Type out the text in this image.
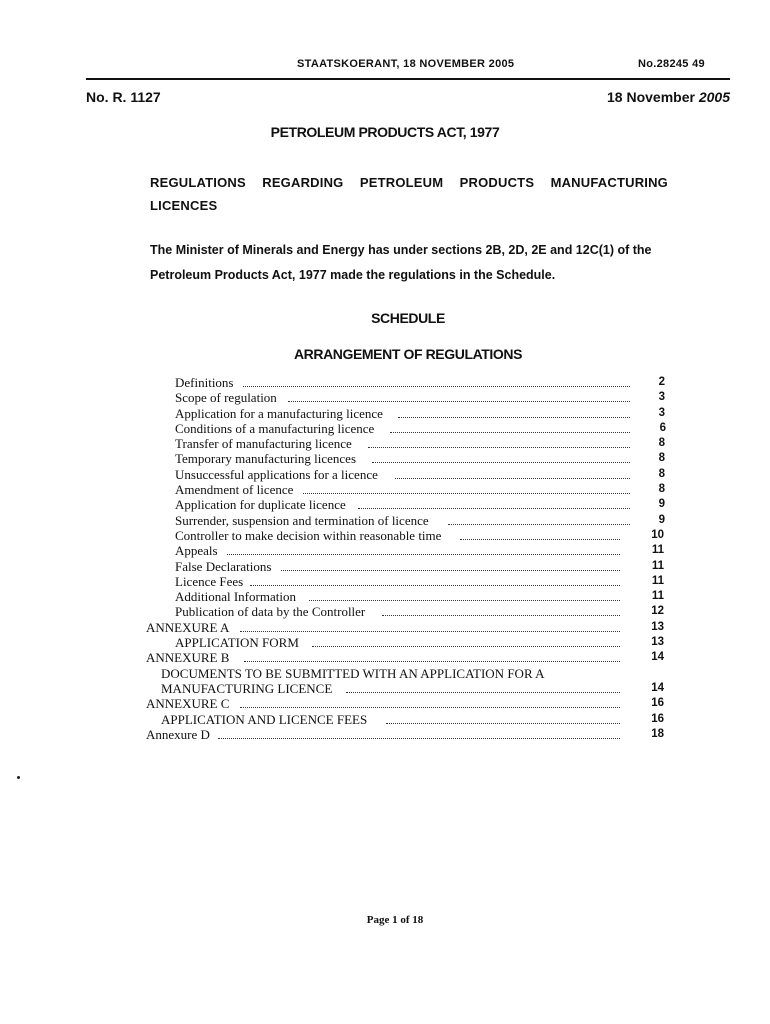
STAATSKOERANT, 18 NOVEMBER 2005	No.28245 49
No. R. 1127	18 November 2005
PETROLEUM PRODUCTS ACT, 1977
REGULATIONS REGARDING PETROLEUM PRODUCTS MANUFACTURING LICENCES
The Minister of Minerals and Energy has under sections 2B, 2D, 2E and 12C(1) of the Petroleum Products Act, 1977 made the regulations in the Schedule.
SCHEDULE
ARRANGEMENT OF REGULATIONS
Definitions	2
Scope of regulation	3
Application for a manufacturing licence	3
Conditions of a manufacturing licence	6
Transfer of manufacturing licence	8
Temporary manufacturing licences	8
Unsuccessful applications for a licence	8
Amendment of licence	8
Application for duplicate licence	9
Surrender, suspension and termination of licence	9
Controller to make decision within reasonable time	10
Appeals	11
False Declarations	11
Licence Fees	11
Additional Information	11
Publication of data by the Controller	12
ANNEXURE A	13
APPLICATION FORM	13
ANNEXURE B	14
DOCUMENTS TO BE SUBMITTED WITH AN APPLICATION FOR A
MANUFACTURING LICENCE	14
ANNEXURE C	16
APPLICATION AND LICENCE FEES	16
Annexure D	18
Page 1 of 18
